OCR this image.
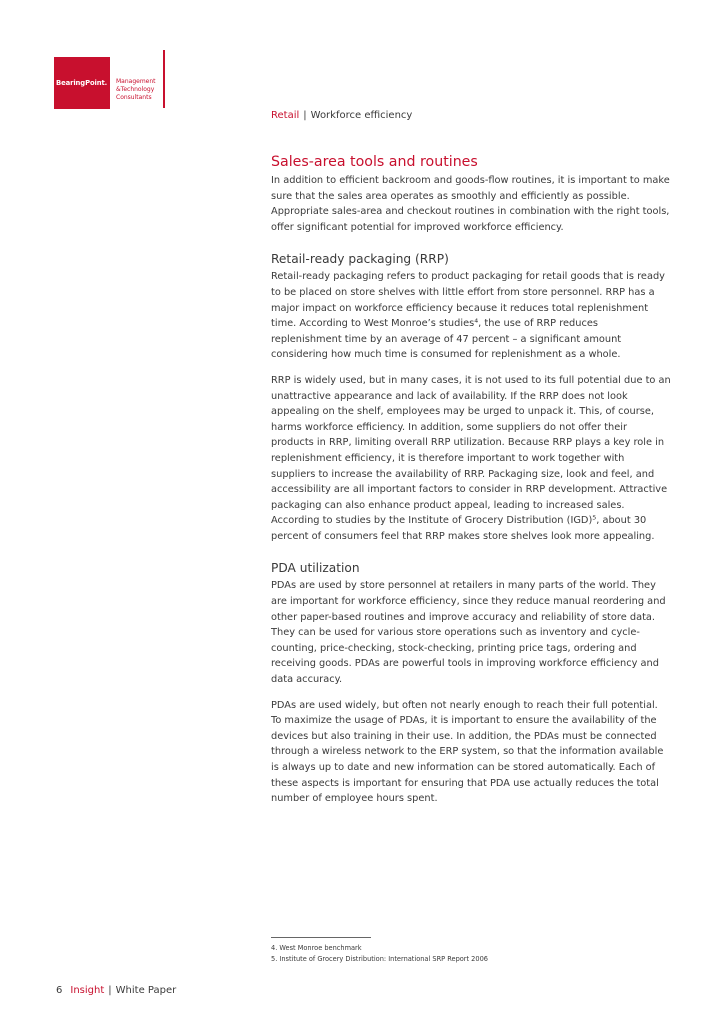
BearingPoint. Management
&Technology
Consultants
Retail | Workforce efficiency
Sales-area tools and routines

In addition to efficient backroom and goods-flow routines, it is important to make sure that the sales area operates as smoothly and efficiently as possible. Appropriate sales-area and checkout routines in combination with the right tools, offer significant potential for improved workforce efficiency.

Retail-ready packaging (RRP)

Retail-ready packaging refers to product packaging for retail goods that is ready to be placed on store shelves with little effort from store personnel. RRP has a major impact on workforce efficiency because it reduces total replenishment time. According to West Monroe’s studies⁴, the use of RRP reduces replenishment time by an average of 47 percent – a significant amount considering how much time is consumed for replenishment as a whole.

RRP is widely used, but in many cases, it is not used to its full potential due to an unattractive appearance and lack of availability. If the RRP does not look appealing on the shelf, employees may be urged to unpack it. This, of course, harms workforce efficiency. In addition, some suppliers do not offer their products in RRP, limiting overall RRP utilization. Because RRP plays a key role in replenishment efficiency, it is therefore important to work together with suppliers to increase the availability of RRP. Packaging size, look and feel, and accessibility are all important factors to consider in RRP development. Attractive packaging can also enhance product appeal, leading to increased sales. According to studies by the Institute of Grocery Distribution (IGD)⁵, about 30 percent of consumers feel that RRP makes store shelves look more appealing.

PDA utilization

PDAs are used by store personnel at retailers in many parts of the world. They are important for workforce efficiency, since they reduce manual reordering and other paper-based routines and improve accuracy and reliability of store data. They can be used for various store operations such as inventory and cycle-counting, price-checking, stock-checking, printing price tags, ordering and receiving goods. PDAs are powerful tools in improving workforce efficiency and data accuracy.

PDAs are used widely, but often not nearly enough to reach their full potential. To maximize the usage of PDAs, it is important to ensure the availability of the devices but also training in their use. In addition, the PDAs must be connected through a wireless network to the ERP system, so that the information available is always up to date and new information can be stored automatically. Each of these aspects is important for ensuring that PDA use actually reduces the total number of employee hours spent.

4. West Monroe benchmark
5. Institute of Grocery Distribution: International SRP Report 2006
6 Insight | White Paper
